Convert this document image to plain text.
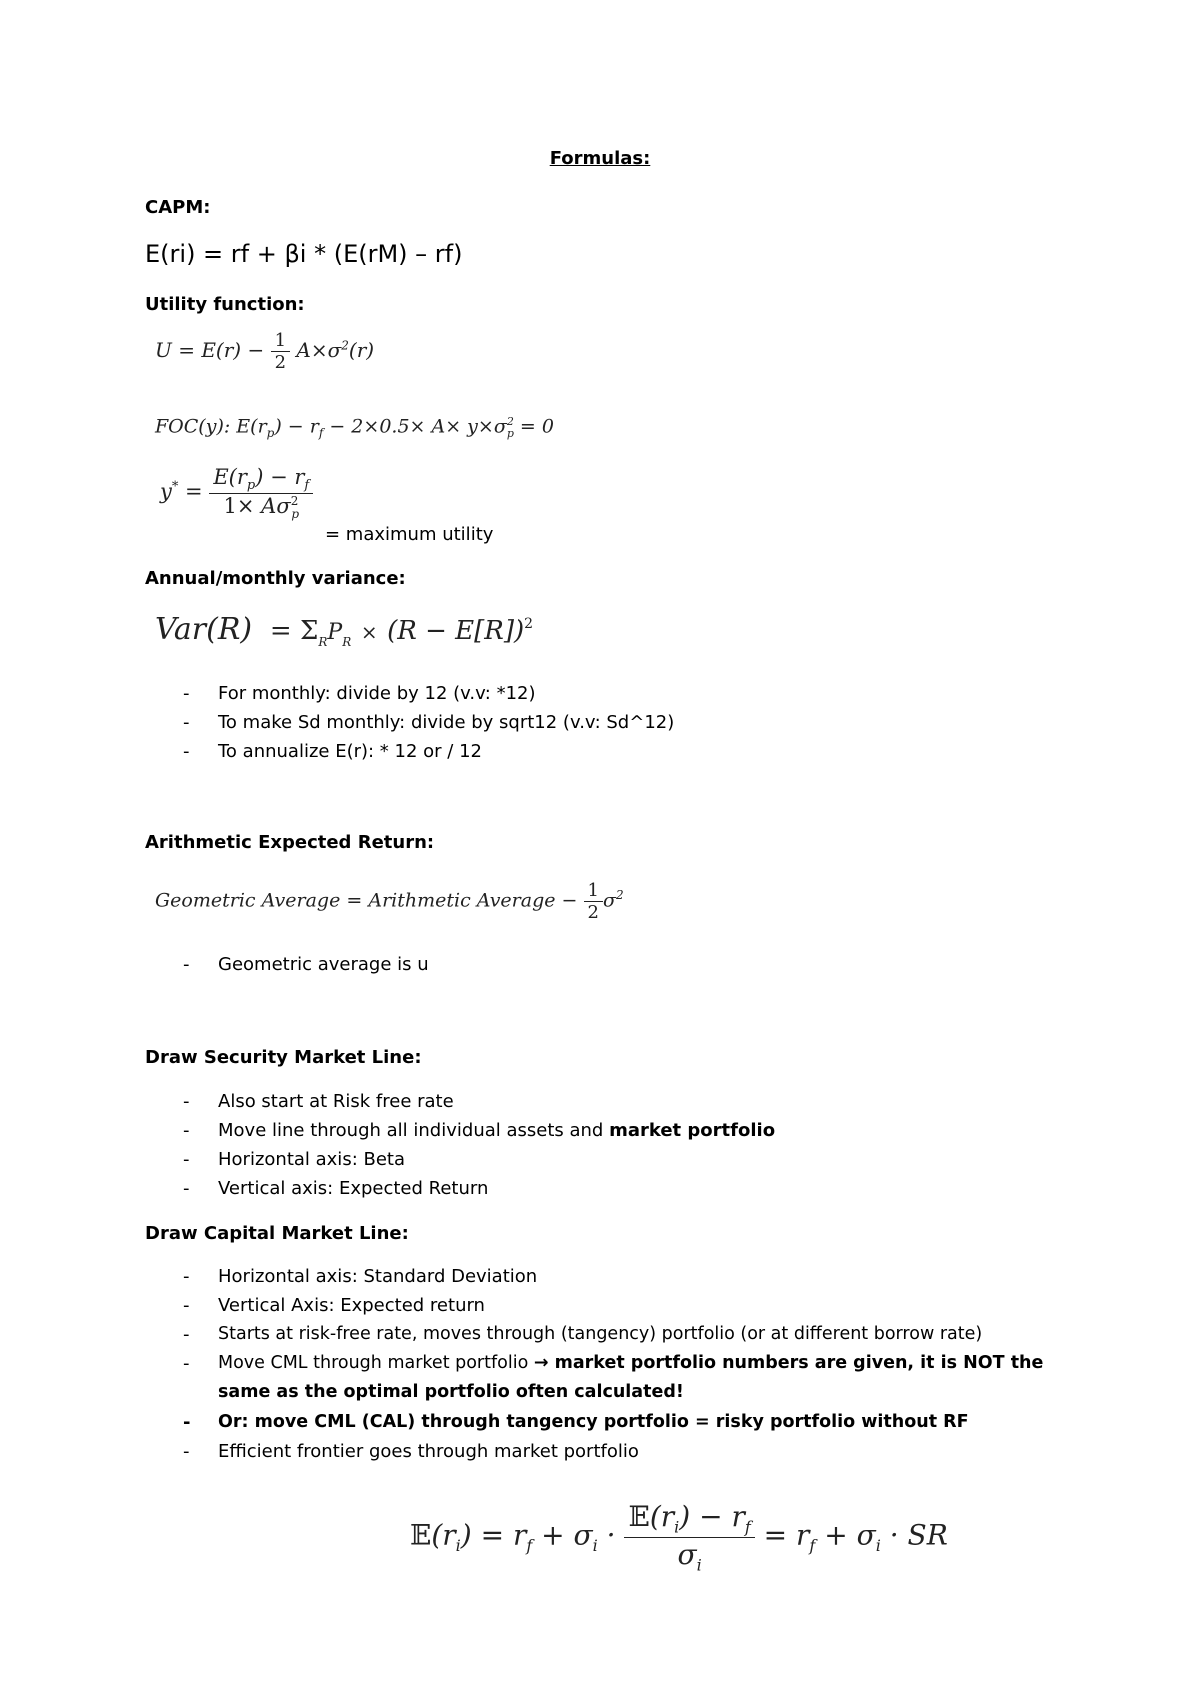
Formulas:
CAPM:
E(ri) = rf + βi * (E(rM) – rf)
Utility function:
$U = E(r) - \frac{1}{2} A\times\sigma^2(r)$
FOC(y): $E(r_p) - r_f - 2\times 0.5\times A\times y\times\sigma^2_p = 0$
$y^* = \frac{E(r_p) - r_f}{1\times A\sigma^2_p}$
= maximum utility
Annual/monthly variance:
$Var(R) = \Sigma_RP_R \times (R - E[R])^2$
- For monthly: divide by 12 (v.v: *12)
- To make Sd monthly: divide by sqrt12 (v.v: Sd^12)
- To annualize E(r): * 12 or / 12
Arithmetic Expected Return:
Geometric Average = Arithmetic Average − $\frac{1}{2} \sigma^2$
- Geometric average is u
Draw Security Market Line:
- Also start at Risk free rate
- Move line through all individual assets and market portfolio
- Horizontal axis: Beta
- Vertical axis: Expected Return
Draw Capital Market Line:
- Horizontal axis: Standard Deviation
- Vertical Axis: Expected return
- Starts at risk-free rate, moves through (tangency) portfolio (or at different borrow rate)
- Move CML through market portfolio → market portfolio numbers are given, it is NOT the
same as the optimal portfolio often calculated!
- Or: move CML (CAL) through tangency portfolio = risky portfolio without RF
- Efficient frontier goes through market portfolio
$𝔼(r_i) = r_f + \sigma_i \cdot \frac{𝔼(r_i) - r_f}{\sigma_i} = r_f + \sigma_i$ · SR
